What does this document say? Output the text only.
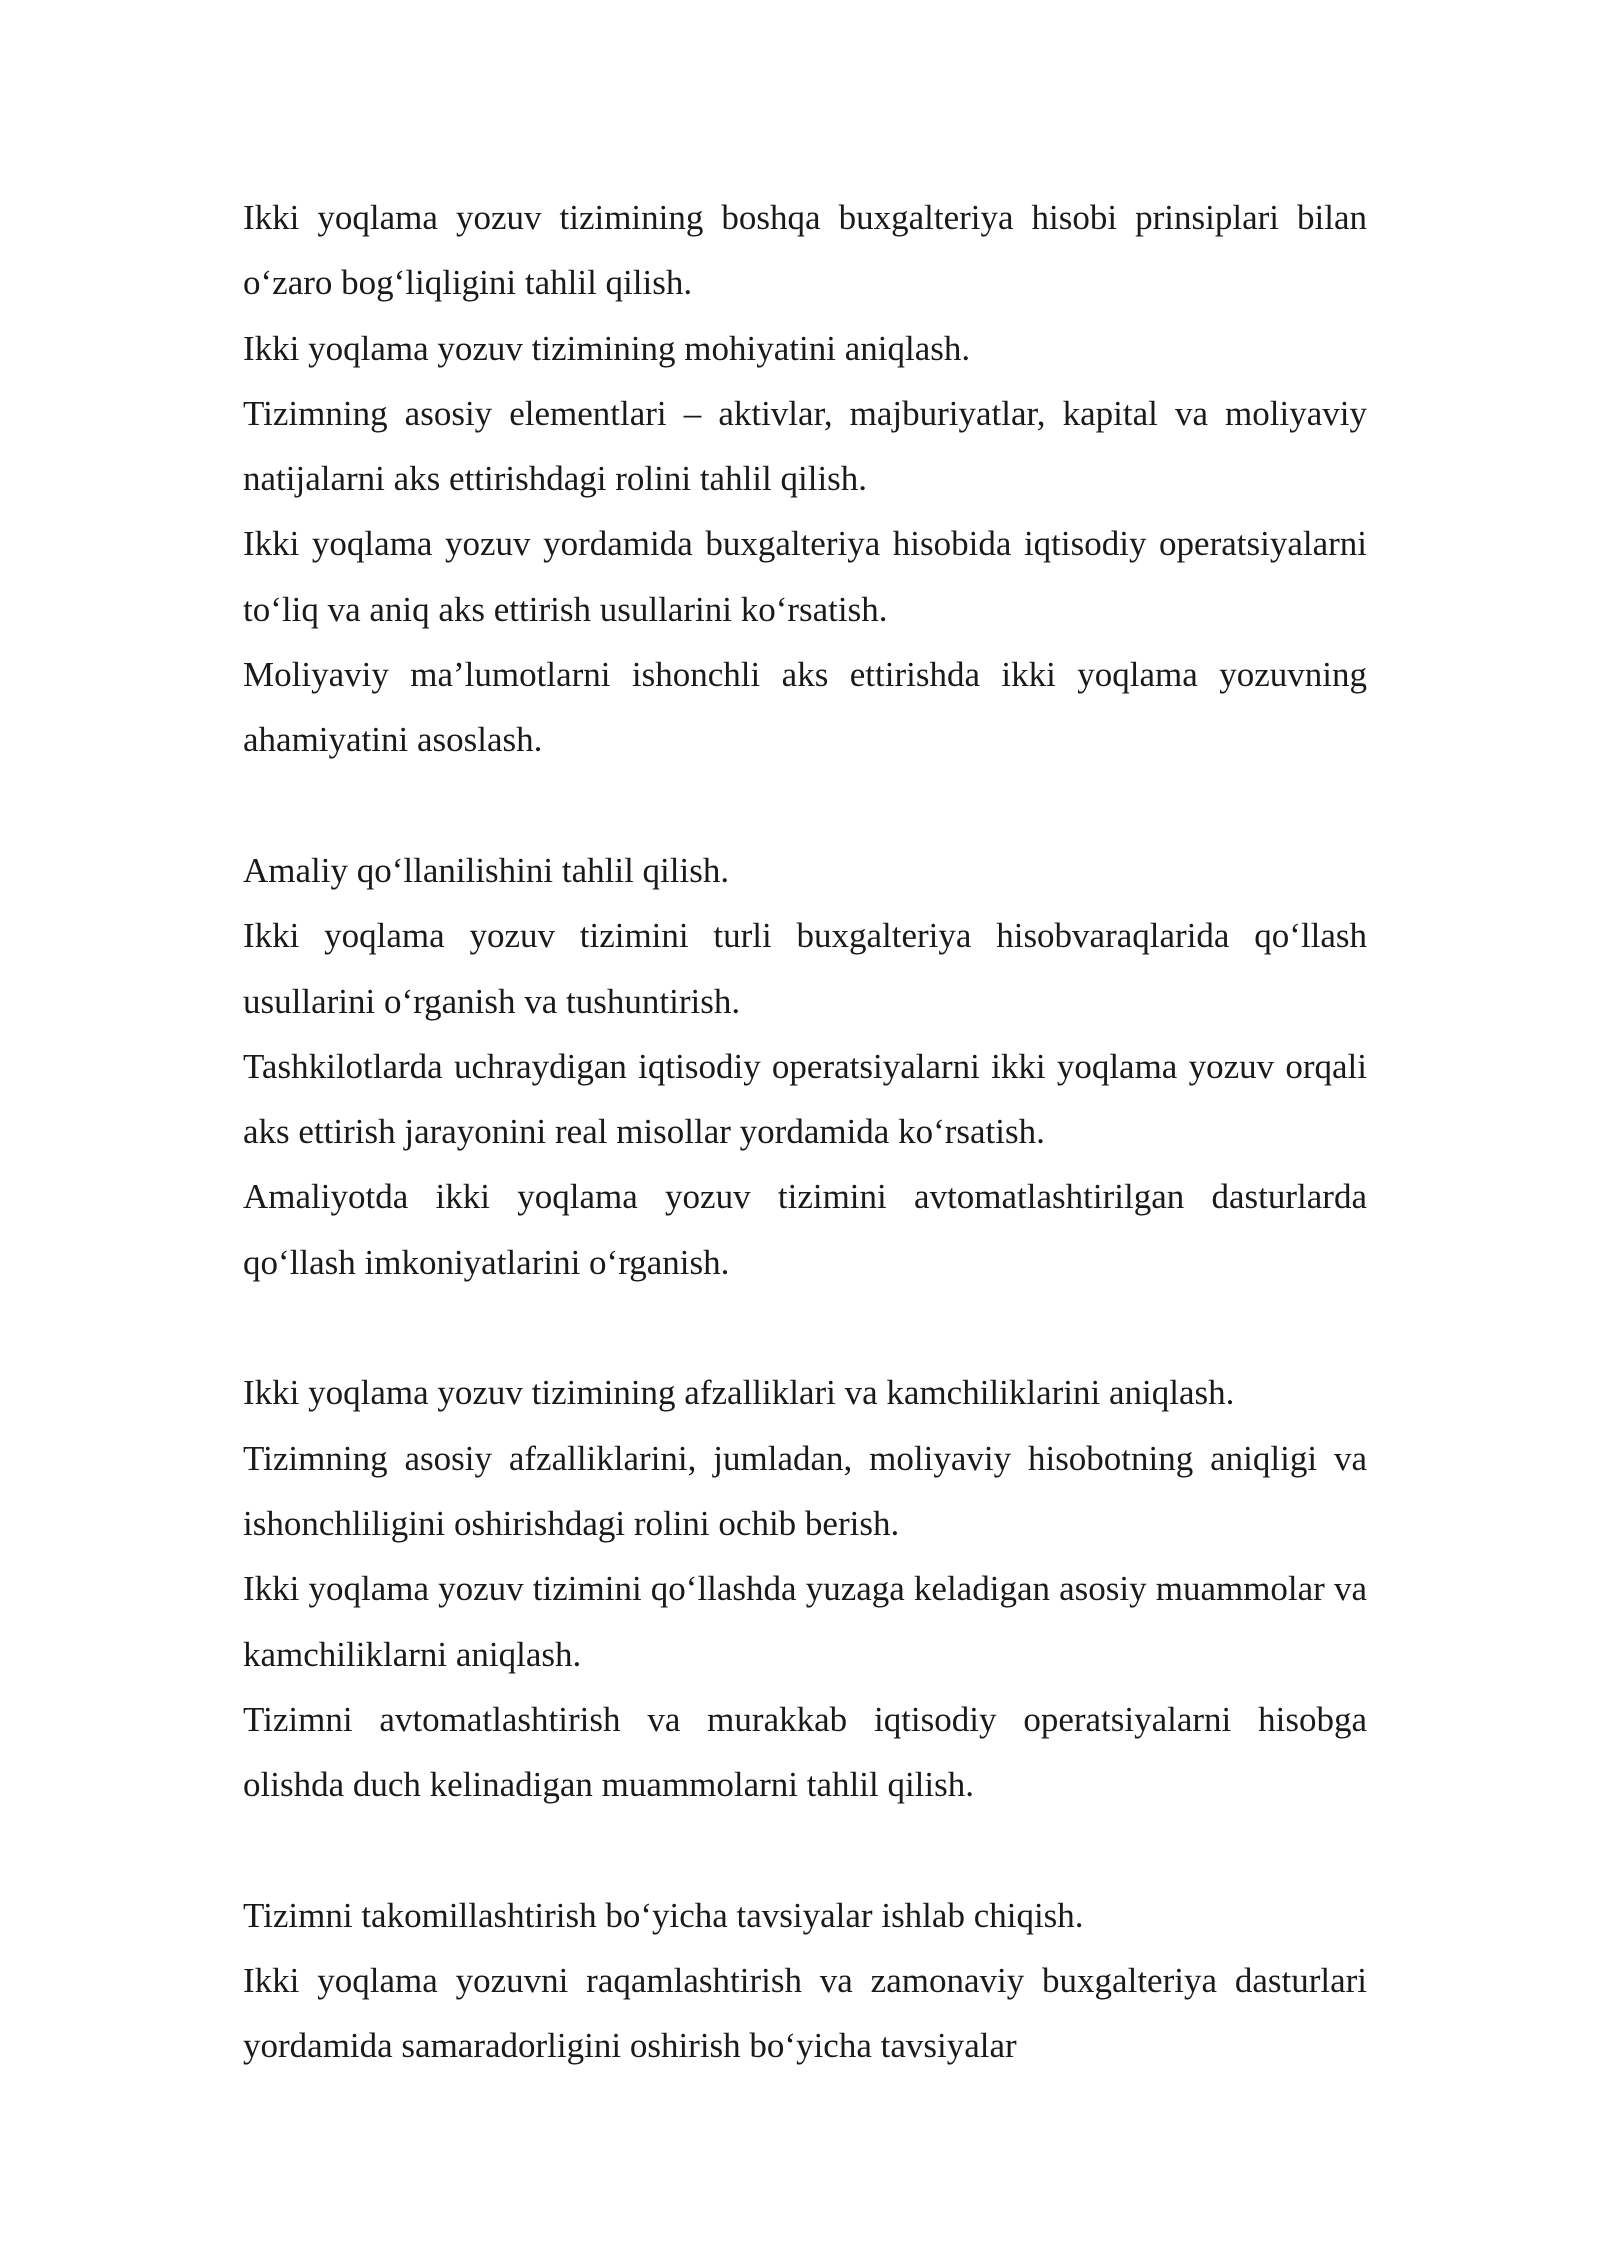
Ikki yoqlama yozuv tizimining boshqa buxgalteriya hisobi prinsiplari bilan o‘zaro bog‘liqligini tahlil qilish.

Ikki yoqlama yozuv tizimining mohiyatini aniqlash.

Tizimning asosiy elementlari – aktivlar, majburiyatlar, kapital va moliyaviy natijalarni aks ettirishdagi rolini tahlil qilish.

Ikki yoqlama yozuv yordamida buxgalteriya hisobida iqtisodiy operatsiyalarni to‘liq va aniq aks ettirish usullarini ko‘rsatish.

Moliyaviy ma’lumotlarni ishonchli aks ettirishda ikki yoqlama yozuvning ahamiyatini asoslash.

Amaliy qo‘llanilishini tahlil qilish.

Ikki yoqlama yozuv tizimini turli buxgalteriya hisobvaraqlarida qo‘llash usullarini o‘rganish va tushuntirish.

Tashkilotlarda uchraydigan iqtisodiy operatsiyalarni ikki yoqlama yozuv orqali aks ettirish jarayonini real misollar yordamida ko‘rsatish.

Amaliyotda ikki yoqlama yozuv tizimini avtomatlashtirilgan dasturlarda qo‘llash imkoniyatlarini o‘rganish.

Ikki yoqlama yozuv tizimining afzalliklari va kamchiliklarini aniqlash.

Tizimning asosiy afzalliklarini, jumladan, moliyaviy hisobotning aniqligi va ishonchliligini oshirishdagi rolini ochib berish.

Ikki yoqlama yozuv tizimini qo‘llashda yuzaga keladigan asosiy muammolar va kamchiliklarni aniqlash.

Tizimni avtomatlashtirish va murakkab iqtisodiy operatsiyalarni hisobga olishda duch kelinadigan muammolarni tahlil qilish.

Tizimni takomillashtirish bo‘yicha tavsiyalar ishlab chiqish.

Ikki yoqlama yozuvni raqamlashtirish va zamonaviy buxgalteriya dasturlari yordamida samaradorligini oshirish bo‘yicha tavsiyalar
